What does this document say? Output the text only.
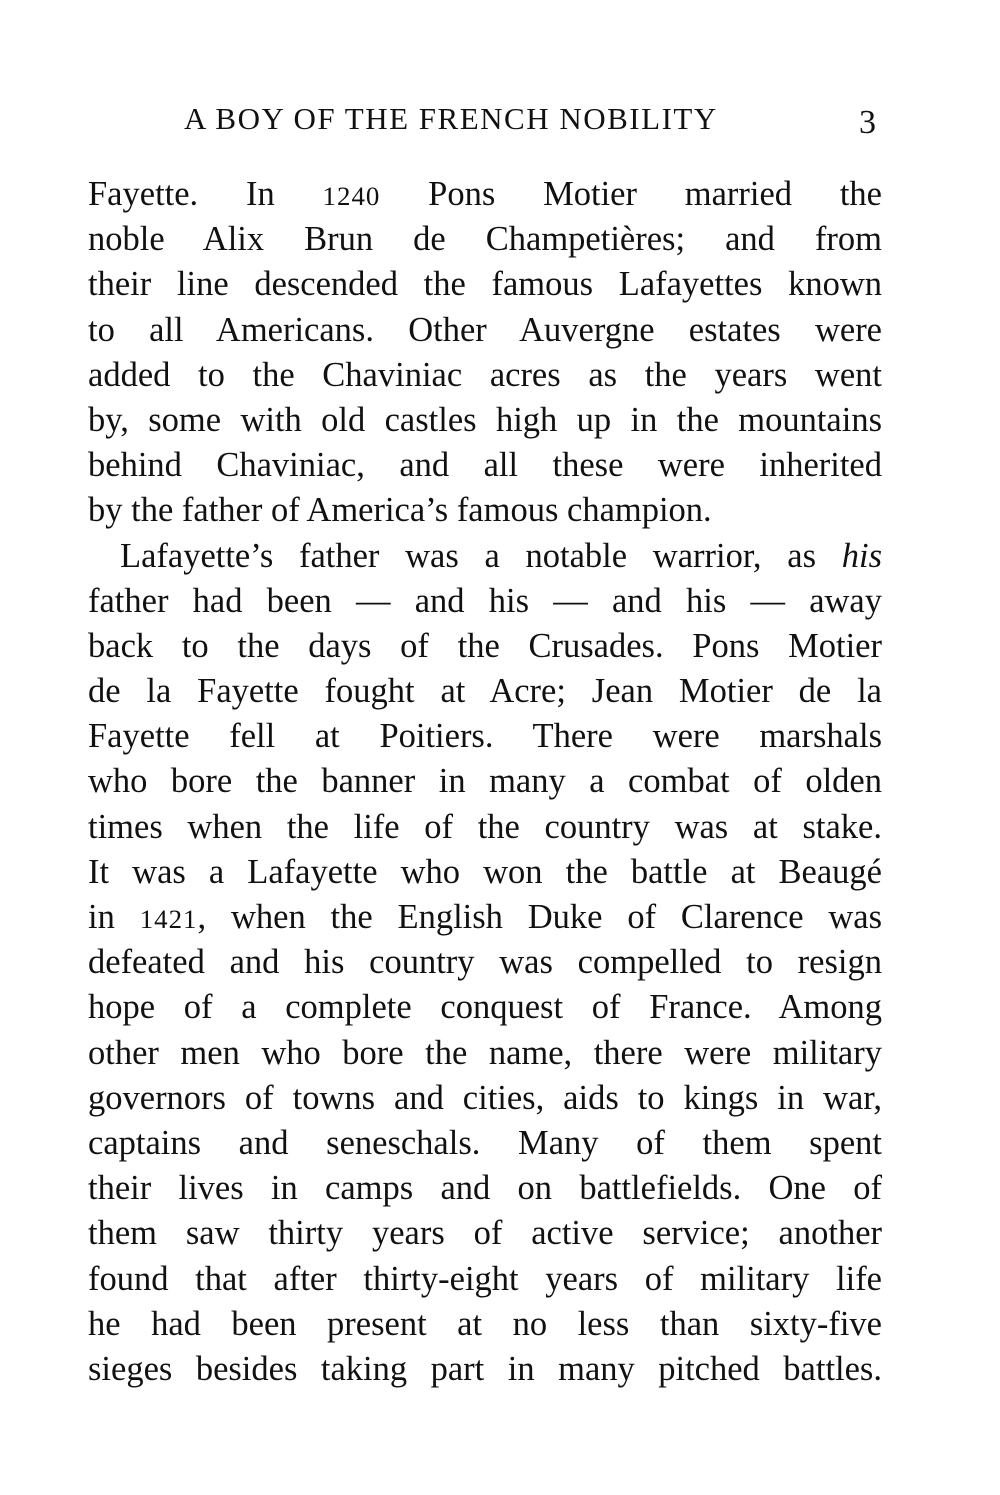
A BOY OF THE FRENCH NOBILITY	3
Fayette. In 1240 Pons Motier married the
noble Alix Brun de Champetières; and from
their line descended the famous Lafayettes known
to all Americans. Other Auvergne estates were
added to the Chaviniac acres as the years went
by, some with old castles high up in the mountains
behind Chaviniac, and all these were inherited
by the father of America’s famous champion.
Lafayette’s father was a notable warrior, as his
father had been — and his — and his — away
back to the days of the Crusades. Pons Motier
de la Fayette fought at Acre; Jean Motier de la
Fayette fell at Poitiers. There were marshals
who bore the banner in many a combat of olden
times when the life of the country was at stake.
It was a Lafayette who won the battle at Beaugé
in 1421, when the English Duke of Clarence was
defeated and his country was compelled to resign
hope of a complete conquest of France. Among
other men who bore the name, there were military
governors of towns and cities, aids to kings in war,
captains and seneschals. Many of them spent
their lives in camps and on battlefields. One of
them saw thirty years of active service; another
found that after thirty-eight years of military life
he had been present at no less than sixty-five
sieges besides taking part in many pitched battles.
